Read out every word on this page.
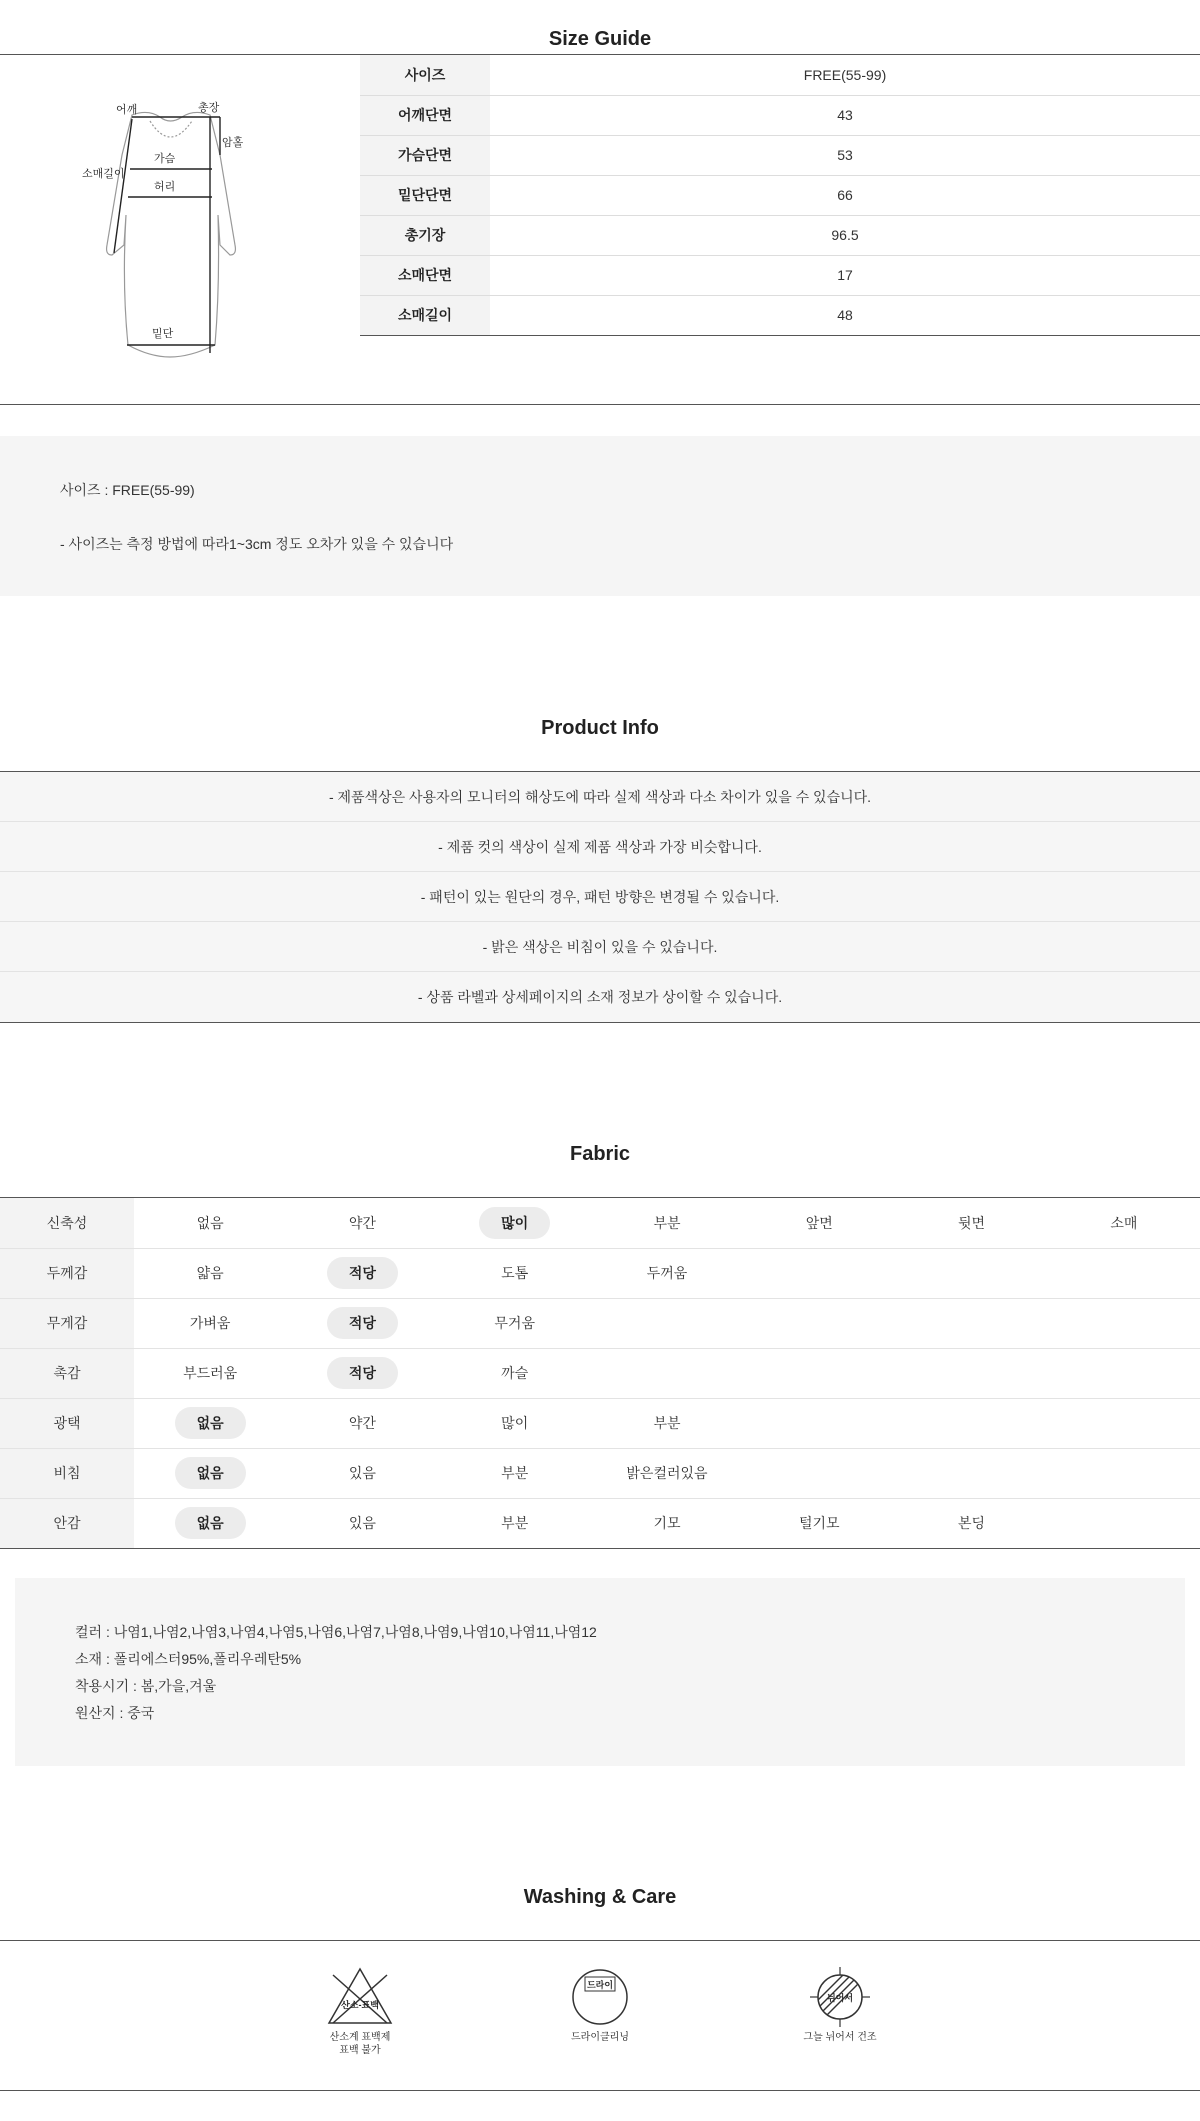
Size Guide
어깨	총장
암홀
소매길이
가슴
허리
밑단
사이즈	FREE(55-99)
어깨단면	43
가슴단면	53
밑단단면	66
총기장	96.5
소매단면	17
소매길이	48

사이즈 : FREE(55-99)

- 사이즈는 측정 방법에 따라1~3cm 정도 오차가 있을 수 있습니다

Product Info
- 제품색상은 사용자의 모니터의 해상도에 따라 실제 색상과 다소 차이가 있을 수 있습니다.
- 제품 컷의 색상이 실제 제품 색상과 가장 비슷합니다.
- 패턴이 있는 원단의 경우, 패턴 방향은 변경될 수 있습니다.
- 밝은 색상은 비침이 있을 수 있습니다.
- 상품 라벨과 상세페이지의 소재 정보가 상이할 수 있습니다.
Fabric
신축성	없음	약간	많이	부분	앞면	뒷면	소매
두께감	얇음	적당	도톰	두꺼움			
무게감	가벼움	적당	무거움				
촉감	부드러움	적당	까슬				
광택	없음	약간	많이	부분			
비침	없음	있음	부분	밝은컬러있음			
안감	없음	있음	부분	기모	털기모	본딩	
컬러 : 나염1,나염2,나염3,나염4,나염5,나염6,나염7,나염8,나염9,나염10,나염11,나염12
소재 : 폴리에스터95%,폴리우레탄5%
착용시기 : 봄,가을,겨울
원산지 : 중국
Washing & Care
산소-표백
산소계 표백제
표백 불가
드라이
드라이클리닝
뉘어서
그늘 뉘어서 건조
